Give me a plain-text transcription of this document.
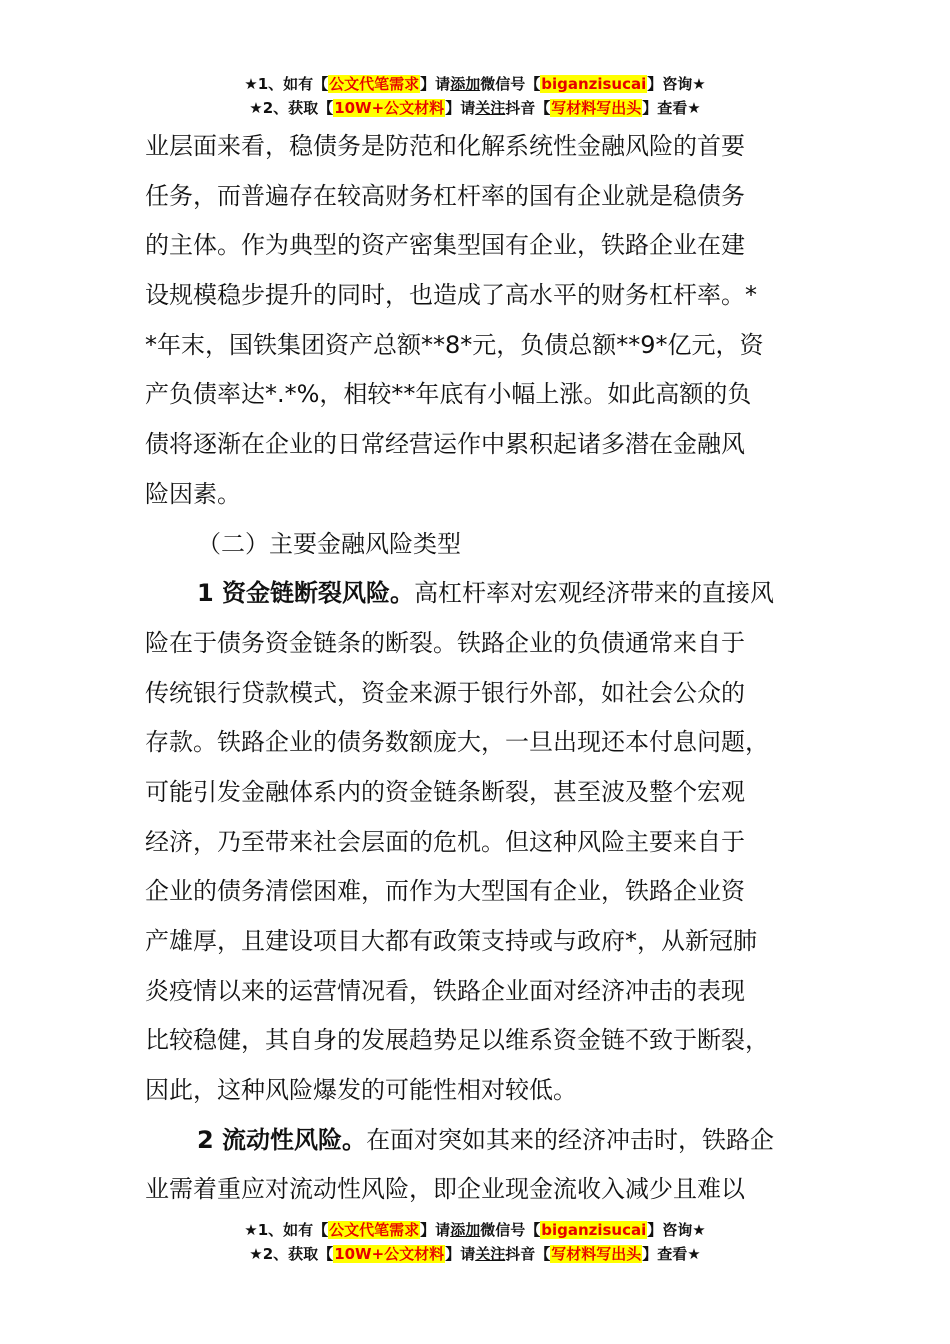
★1、如有【公文代笔需求】请添加微信号【biganzisucai】咨询★
★2、获取【10W+公文材料】请关注抖音【写材料写出头】查看★
业层面来看，稳债务是防范和化解系统性金融风险的首要
任务，而普遍存在较高财务杠杆率的国有企业就是稳债务
的主体。作为典型的资产密集型国有企业，铁路企业在建
设规模稳步提升的同时，也造成了高水平的财务杠杆率。*
*年末，国铁集团资产总额**8*元，负债总额**9*亿元，资
产负债率达*.*%，相较**年底有小幅上涨。如此高额的负
债将逐渐在企业的日常经营运作中累积起诸多潜在金融风
险因素。
（二）主要金融风险类型
1 资金链断裂风险。高杠杆率对宏观经济带来的直接风
险在于债务资金链条的断裂。铁路企业的负债通常来自于
传统银行贷款模式，资金来源于银行外部，如社会公众的
存款。铁路企业的债务数额庞大，一旦出现还本付息问题，
可能引发金融体系内的资金链条断裂，甚至波及整个宏观
经济，乃至带来社会层面的危机。但这种风险主要来自于
企业的债务清偿困难，而作为大型国有企业，铁路企业资
产雄厚，且建设项目大都有政策支持或与政府*，从新冠肺
炎疫情以来的运营情况看，铁路企业面对经济冲击的表现
比较稳健，其自身的发展趋势足以维系资金链不致于断裂，
因此，这种风险爆发的可能性相对较低。
2 流动性风险。在面对突如其来的经济冲击时，铁路企
业需着重应对流动性风险，即企业现金流收入减少且难以
★1、如有【公文代笔需求】请添加微信号【biganzisucai】咨询★
★2、获取【10W+公文材料】请关注抖音【写材料写出头】查看★
